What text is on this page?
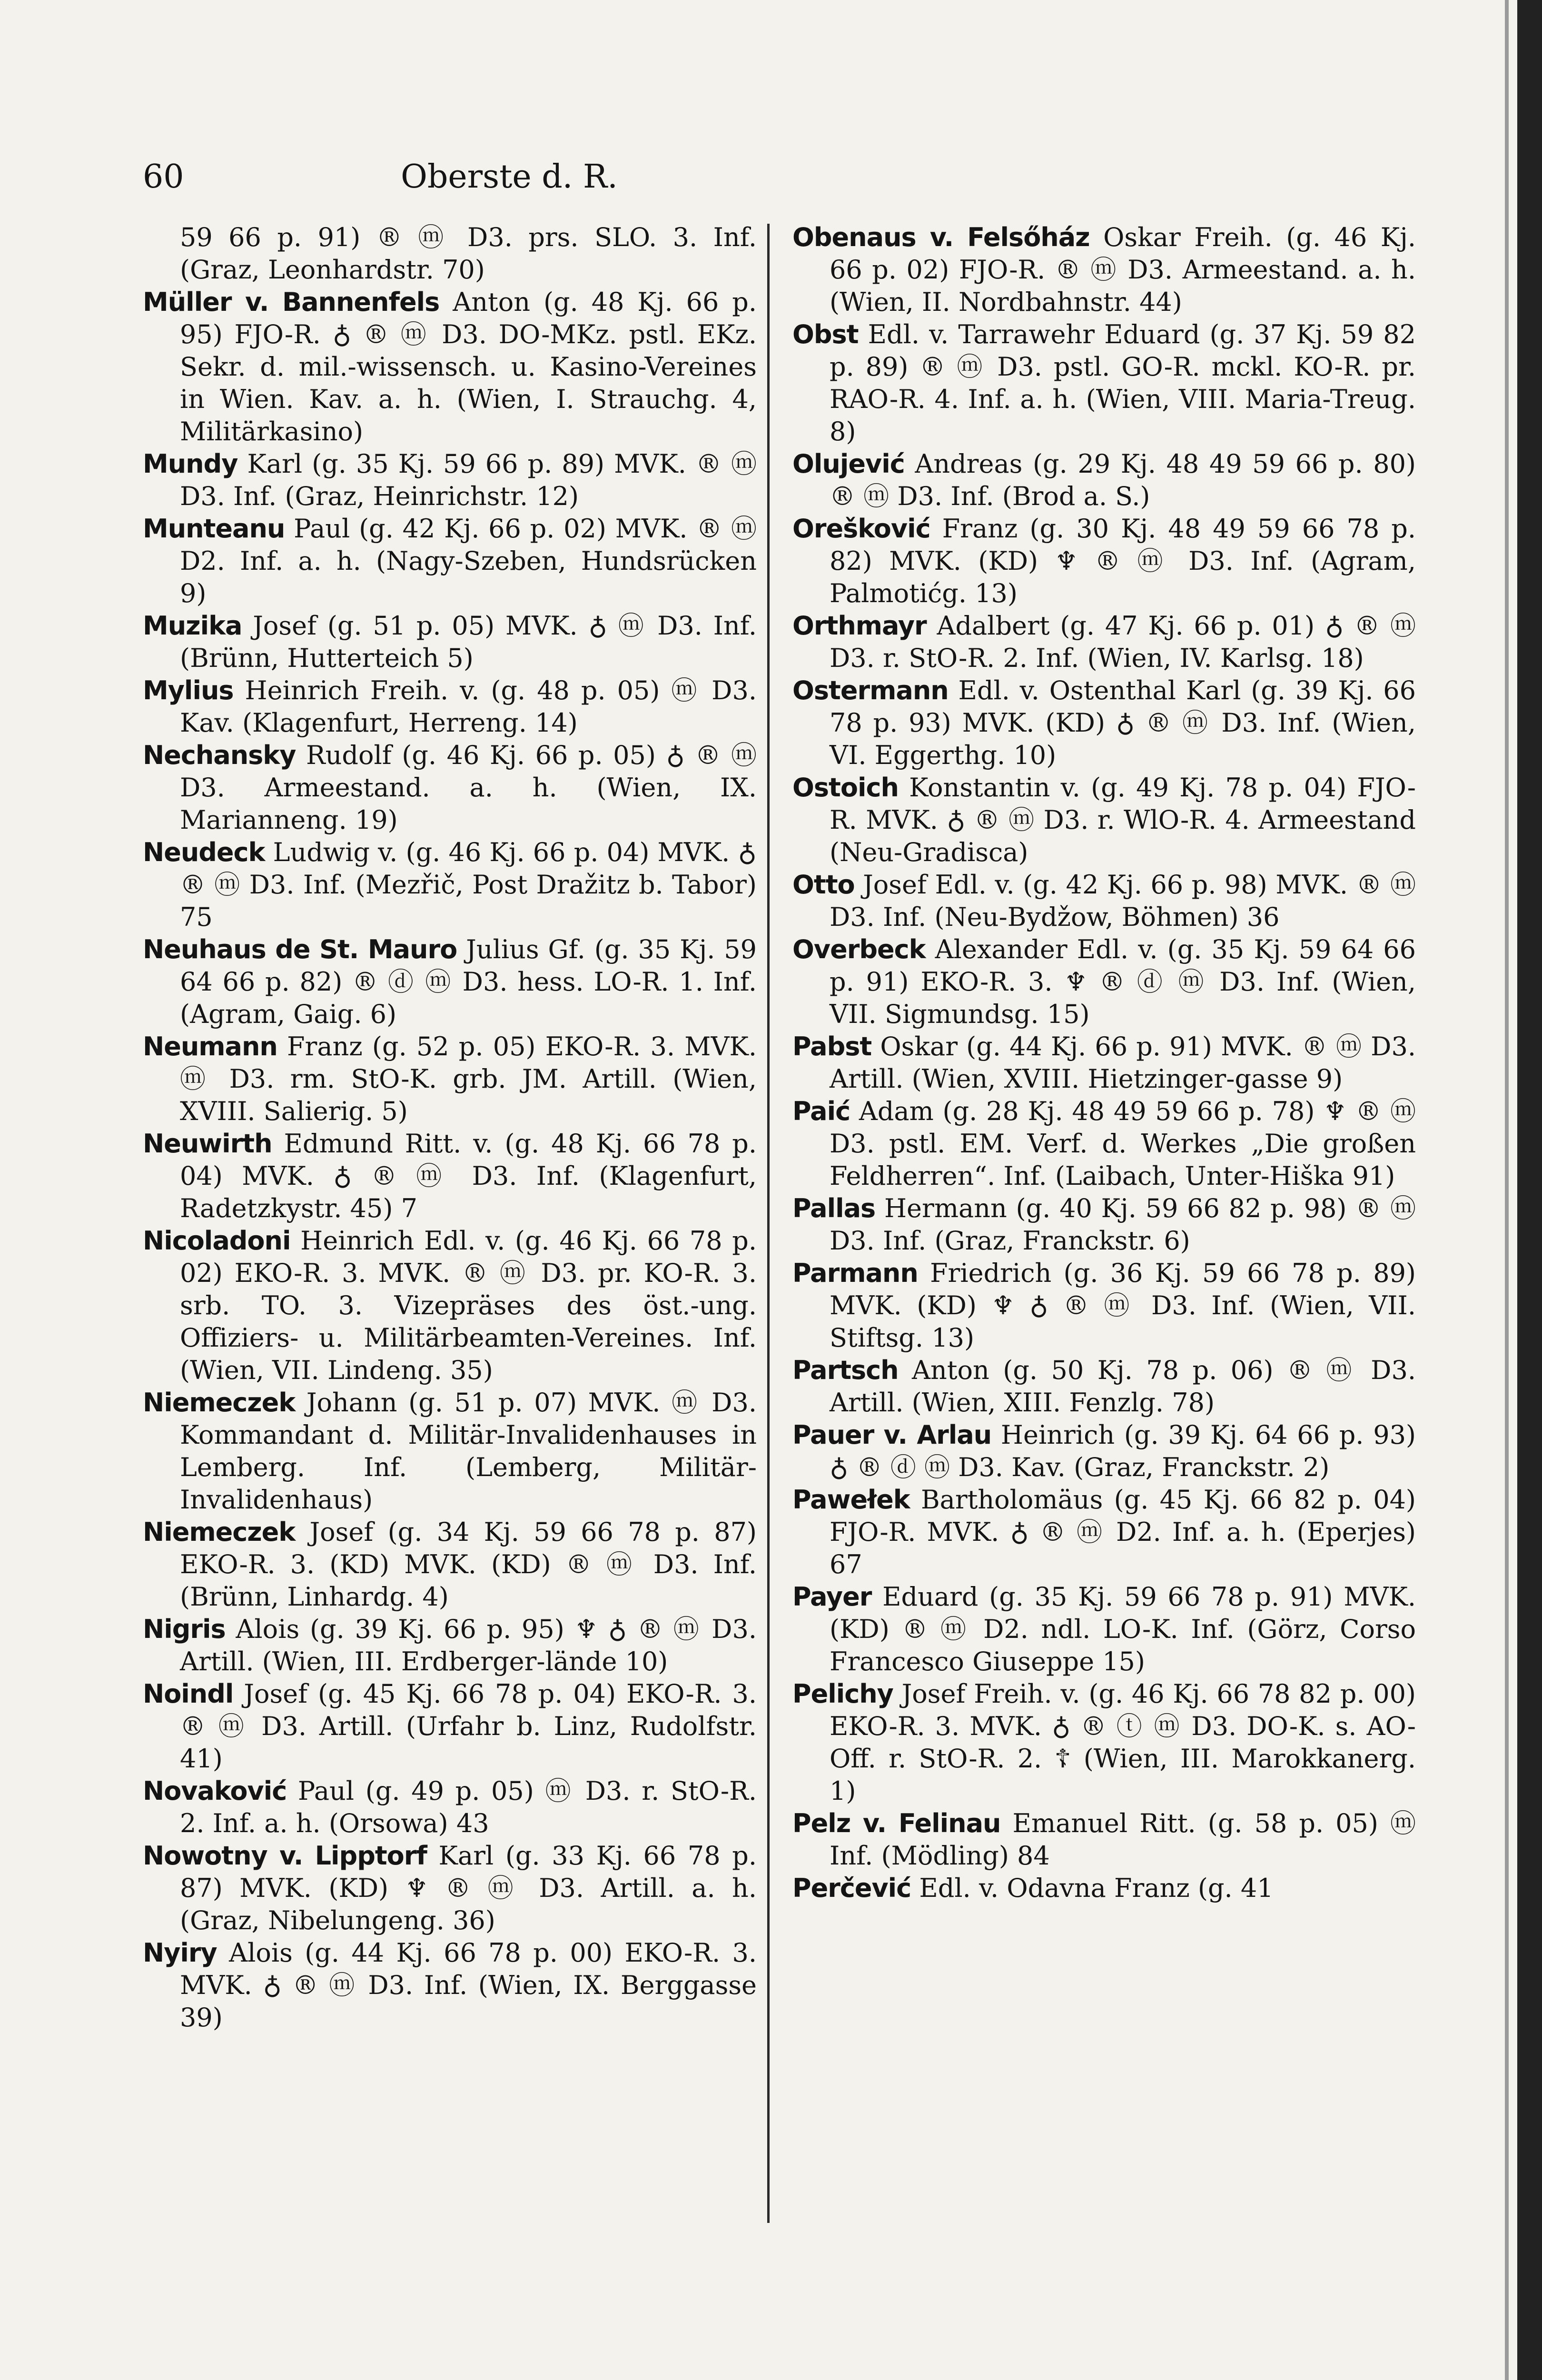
60	Oberste d. R.

59 66 p. 91) ® ⓜ D3. prs. SLO. 3. Inf. (Graz, Leonhardstr. 70)

Müller v. Bannenfels Anton (g. 48 Kj. 66 p. 95) FJO-R. ♁ ® ⓜ D3. DO-MKz. pstl. EKz. Sekr. d. mil.-wissensch. u. Kasino-Vereines in Wien. Kav. a. h. (Wien, I. Strauchg. 4, Militärkasino)

Mundy Karl (g. 35 Kj. 59 66 p. 89) MVK. ® ⓜ D3. Inf. (Graz, Heinrichstr. 12)

Munteanu Paul (g. 42 Kj. 66 p. 02) MVK. ® ⓜ D2. Inf. a. h. (Nagy-Szeben, Hundsrücken 9)

Muzika Josef (g. 51 p. 05) MVK. ♁ ⓜ D3. Inf. (Brünn, Hutterteich 5)

Mylius Heinrich Freih. v. (g. 48 p. 05) ⓜ D3. Kav. (Klagenfurt, Herreng. 14)

Nechansky Rudolf (g. 46 Kj. 66 p. 05) ♁ ® ⓜ D3. Armeestand. a. h. (Wien, IX. Marianneng. 19)

Neudeck Ludwig v. (g. 46 Kj. 66 p. 04) MVK. ♁ ® ⓜ D3. Inf. (Mezřič, Post Dražitz b. Tabor) 75

Neuhaus de St. Mauro Julius Gf. (g. 35 Kj. 59 64 66 p. 82) ® ⓓ ⓜ D3. hess. LO-R. 1. Inf. (Agram, Gaig. 6)

Neumann Franz (g. 52 p. 05) EKO-R. 3. MVK. ⓜ D3. rm. StO-K. grb. JM. Artill. (Wien, XVIII. Salierig. 5)

Neuwirth Edmund Ritt. v. (g. 48 Kj. 66 78 p. 04) MVK. ♁ ® ⓜ D3. Inf. (Klagenfurt, Radetzkystr. 45) 7

Nicoladoni Heinrich Edl. v. (g. 46 Kj. 66 78 p. 02) EKO-R. 3. MVK. ® ⓜ D3. pr. KO-R. 3. srb. TO. 3. Vizepräses des öst.-ung. Offiziers- u. Militärbeamten-Vereines. Inf. (Wien, VII. Lindeng. 35)

Niemeczek Johann (g. 51 p. 07) MVK. ⓜ D3. Kommandant d. Militär-Invalidenhauses in Lemberg. Inf. (Lemberg, Militär-Invalidenhaus)

Niemeczek Josef (g. 34 Kj. 59 66 78 p. 87) EKO-R. 3. (KD) MVK. (KD) ® ⓜ D3. Inf. (Brünn, Linhardg. 4)

Nigris Alois (g. 39 Kj. 66 p. 95) ♆ ♁ ® ⓜ D3. Artill. (Wien, III. Erdberger-lände 10)

Noindl Josef (g. 45 Kj. 66 78 p. 04) EKO-R. 3. ® ⓜ D3. Artill. (Urfahr b. Linz, Rudolfstr. 41)

Novaković Paul (g. 49 p. 05) ⓜ D3. r. StO-R. 2. Inf. a. h. (Orsowa) 43

Nowotny v. Lipptorf Karl (g. 33 Kj. 66 78 p. 87) MVK. (KD) ♆ ® ⓜ D3. Artill. a. h. (Graz, Nibelungeng. 36)

Nyiry Alois (g. 44 Kj. 66 78 p. 00) EKO-R. 3. MVK. ♁ ® ⓜ D3. Inf. (Wien, IX. Berggasse 39)

Obenaus v. Felsőház Oskar Freih. (g. 46 Kj. 66 p. 02) FJO-R. ® ⓜ D3. Armeestand. a. h. (Wien, II. Nordbahnstr. 44)

Obst Edl. v. Tarrawehr Eduard (g. 37 Kj. 59 82 p. 89) ® ⓜ D3. pstl. GO-R. mckl. KO-R. pr. RAO-R. 4. Inf. a. h. (Wien, VIII. Maria-Treug. 8)

Olujević Andreas (g. 29 Kj. 48 49 59 66 p. 80) ® ⓜ D3. Inf. (Brod a. S.)

Orešković Franz (g. 30 Kj. 48 49 59 66 78 p. 82) MVK. (KD) ♆ ® ⓜ D3. Inf. (Agram, Palmotićg. 13)

Orthmayr Adalbert (g. 47 Kj. 66 p. 01) ♁ ® ⓜ D3. r. StO-R. 2. Inf. (Wien, IV. Karlsg. 18)

Ostermann Edl. v. Ostenthal Karl (g. 39 Kj. 66 78 p. 93) MVK. (KD) ♁ ® ⓜ D3. Inf. (Wien, VI. Eggerthg. 10)

Ostoich Konstantin v. (g. 49 Kj. 78 p. 04) FJO-R. MVK. ♁ ® ⓜ D3. r. WlO-R. 4. Armeestand (Neu-Gradisca)

Otto Josef Edl. v. (g. 42 Kj. 66 p. 98) MVK. ® ⓜ D3. Inf. (Neu-Bydžow, Böhmen) 36

Overbeck Alexander Edl. v. (g. 35 Kj. 59 64 66 p. 91) EKO-R. 3. ♆ ® ⓓ ⓜ D3. Inf. (Wien, VII. Sigmundsg. 15)

Pabst Oskar (g. 44 Kj. 66 p. 91) MVK. ® ⓜ D3. Artill. (Wien, XVIII. Hietzinger-gasse 9)

Paić Adam (g. 28 Kj. 48 49 59 66 p. 78) ♆ ® ⓜ D3. pstl. EM. Verf. d. Werkes „Die großen Feldherren“. Inf. (Laibach, Unter-Hiška 91)

Pallas Hermann (g. 40 Kj. 59 66 82 p. 98) ® ⓜ D3. Inf. (Graz, Franckstr. 6)

Parmann Friedrich (g. 36 Kj. 59 66 78 p. 89) MVK. (KD) ♆ ♁ ® ⓜ D3. Inf. (Wien, VII. Stiftsg. 13)

Partsch Anton (g. 50 Kj. 78 p. 06) ® ⓜ D3. Artill. (Wien, XIII. Fenzlg. 78)

Pauer v. Arlau Heinrich (g. 39 Kj. 64 66 p. 93) ♁ ® ⓓ ⓜ D3. Kav. (Graz, Franckstr. 2)

Pawełek Bartholomäus (g. 45 Kj. 66 82 p. 04) FJO-R. MVK. ♁ ® ⓜ D2. Inf. a. h. (Eperjes) 67

Payer Eduard (g. 35 Kj. 59 66 78 p. 91) MVK. (KD) ® ⓜ D2. ndl. LO-K. Inf. (Görz, Corso Francesco Giuseppe 15)

Pelichy Josef Freih. v. (g. 46 Kj. 66 78 82 p. 00) EKO-R. 3. MVK. ♁ ® ⓣ ⓜ D3. DO-K. s. AO-Off. r. StO-R. 2. ☦ (Wien, III. Marokkanerg. 1)

Pelz v. Felinau Emanuel Ritt. (g. 58 p. 05) ⓜ Inf. (Mödling) 84

Perčević Edl. v. Odavna Franz (g. 41
